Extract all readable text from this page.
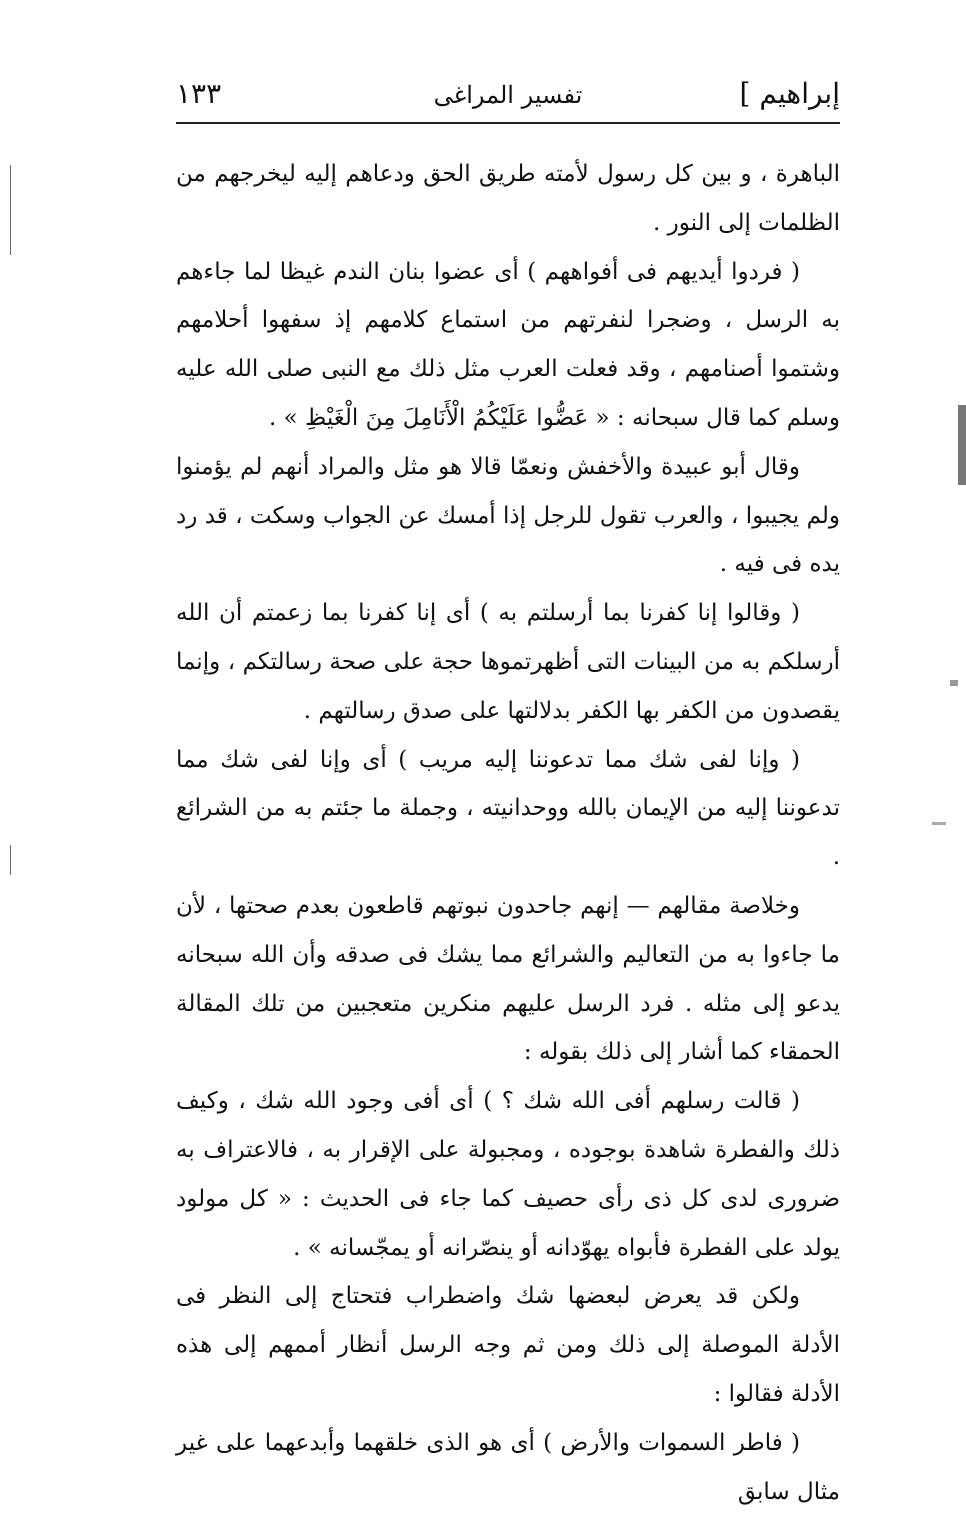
إبراهيم ]
تفسير المراغى
١٣٣

الباهرة ، و بين كل رسول لأمته طريق الحق ودعاهم إليه ليخرجهم من الظلمات إلى النور .

( فردوا أيديهم فى أفواههم ) أى عضوا بنان الندم غيظا لما جاءهم به الرسل ، وضجرا لنفرتهم من استماع كلامهم إذ سفهوا أحلامهم وشتموا أصنامهم ، وقد فعلت العرب مثل ذلك مع النبى صلى الله عليه وسلم كما قال سبحانه : « عَضُّوا عَلَيْكُمُ الْأَنَامِلَ مِنَ الْغَيْظِ » .

وقال أبو عبيدة والأخفش ونعمّا قالا هو مثل والمراد أنهم لم يؤمنوا ولم يجيبوا ، والعرب تقول للرجل إذا أمسك عن الجواب وسكت ، قد رد يده فى فيه .

( وقالوا إنا كفرنا بما أرسلتم به ) أى إنا كفرنا بما زعمتم أن الله أرسلكم به من البينات التى أظهرتموها حجة على صحة رسالتكم ، وإنما يقصدون من الكفر بها الكفر بدلالتها على صدق رسالتهم .

( وإنا لفى شك مما تدعوننا إليه مريب ) أى وإنا لفى شك مما تدعوننا إليه من الإيمان بالله ووحدانيته ، وجملة ما جئتم به من الشرائع .

وخلاصة مقالهم — إنهم جاحدون نبوتهم قاطعون بعدم صحتها ، لأن ما جاءوا به من التعاليم والشرائع مما يشك فى صدقه وأن الله سبحانه يدعو إلى مثله . فرد الرسل عليهم منكرين متعجبين من تلك المقالة الحمقاء كما أشار إلى ذلك بقوله :

( قالت رسلهم أفى الله شك ؟ ) أى أفى وجود الله شك ، وكيف ذلك والفطرة شاهدة بوجوده ، ومجبولة على الإقرار به ، فالاعتراف به ضرورى لدى كل ذى رأى حصيف كما جاء فى الحديث : « كل مولود يولد على الفطرة فأبواه يهوّدانه أو ينصّرانه أو يمجّسانه » .

ولكن قد يعرض لبعضها شك واضطراب فتحتاج إلى النظر فى الأدلة الموصلة إلى ذلك ومن ثم وجه الرسل أنظار أممهم إلى هذه الأدلة فقالوا :

( فاطر السموات والأرض ) أى هو الذى خلقهما وأبدعهما على غير مثال سابق
